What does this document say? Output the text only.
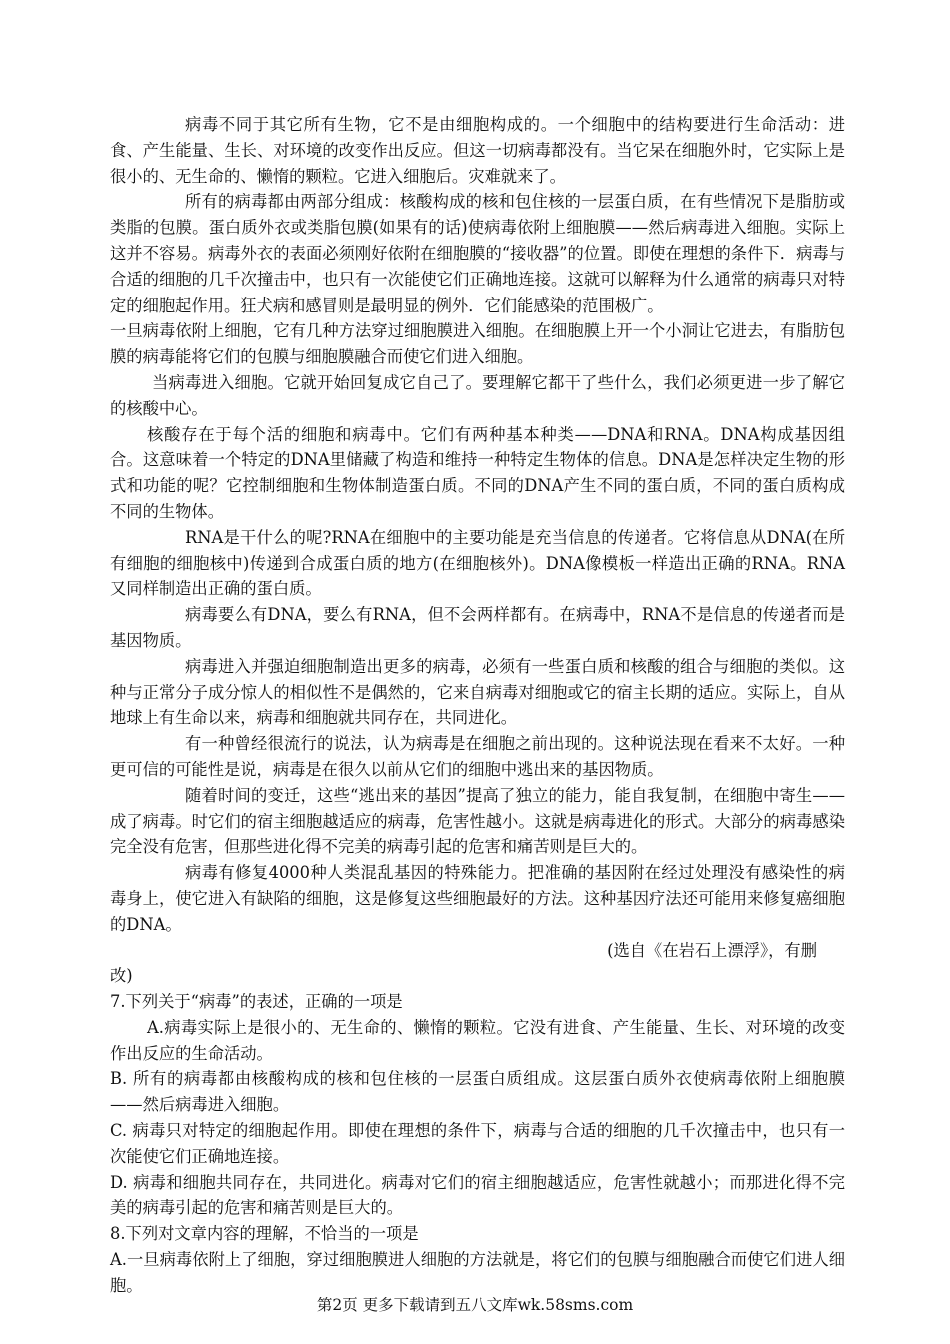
病毒不同于其它所有生物，它不是由细胞构成的。一个细胞中的结构要进行生命活动：进食、产生能量、生长、对环境的改变作出反应。但这一切病毒都没有。当它呆在细胞外时，它实际上是很小的、无生命的、懒惰的颗粒。它进入细胞后。灾难就来了。

所有的病毒都由两部分组成：核酸构成的核和包住核的一层蛋白质，在有些情况下是脂肪或类脂的包膜。蛋白质外衣或类脂包膜(如果有的话)使病毒依附上细胞膜——然后病毒进入细胞。实际上这并不容易。病毒外衣的表面必须刚好依附在细胞膜的“接收器”的位置。即使在理想的条件下．病毒与合适的细胞的几千次撞击中，也只有一次能使它们正确地连接。这就可以解释为什么通常的病毒只对特定的细胞起作用。狂犬病和感冒则是最明显的例外．它们能感染的范围极广。

一旦病毒依附上细胞，它有几种方法穿过细胞膜进入细胞。在细胞膜上开一个小洞让它进去，有脂肪包膜的病毒能将它们的包膜与细胞膜融合而使它们进入细胞。

当病毒进入细胞。它就开始回复成它自己了。要理解它都干了些什么，我们必须更进一步了解它的核酸中心。

核酸存在于每个活的细胞和病毒中。它们有两种基本种类——DNA和RNA。DNA构成基因组合。这意味着一个特定的DNA里储藏了构造和维持一种特定生物体的信息。DNA是怎样决定生物的形式和功能的呢？它控制细胞和生物体制造蛋白质。不同的DNA产生不同的蛋白质，不同的蛋白质构成不同的生物体。

RNA是干什么的呢?RNA在细胞中的主要功能是充当信息的传递者。它将信息从DNA(在所有细胞的细胞核中)传递到合成蛋白质的地方(在细胞核外)。DNA像模板一样造出正确的RNA。RNA又同样制造出正确的蛋白质。

病毒要么有DNA，要么有RNA，但不会两样都有。在病毒中，RNA不是信息的传递者而是基因物质。

病毒进入并强迫细胞制造出更多的病毒，必须有一些蛋白质和核酸的组合与细胞的类似。这种与正常分子成分惊人的相似性不是偶然的，它来自病毒对细胞或它的宿主长期的适应。实际上，自从地球上有生命以来，病毒和细胞就共同存在，共同进化。

有一种曾经很流行的说法，认为病毒是在细胞之前出现的。这种说法现在看来不太好。一种更可信的可能性是说，病毒是在很久以前从它们的细胞中逃出来的基因物质。

随着时间的变迁，这些“逃出来的基因”提高了独立的能力，能自我复制，在细胞中寄生——成了病毒。时它们的宿主细胞越适应的病毒，危害性越小。这就是病毒进化的形式。大部分的病毒感染完全没有危害，但那些进化得不完美的病毒引起的危害和痛苦则是巨大的。

病毒有修复4000种人类混乱基因的特殊能力。把准确的基因附在经过处理没有感染性的病毒身上，使它进入有缺陷的细胞，这是修复这些细胞最好的方法。这种基因疗法还可能用来修复癌细胞的DNA。

(选自《在岩石上漂浮》，有删

改)

7.下列关于“病毒”的表述，正确的一项是

A.病毒实际上是很小的、无生命的、懒惰的颗粒。它没有进食、产生能量、生长、对环境的改变作出反应的生命活动。

B. 所有的病毒都由核酸构成的核和包住核的一层蛋白质组成。这层蛋白质外衣使病毒依附上细胞膜——然后病毒进入细胞。

C. 病毒只对特定的细胞起作用。即使在理想的条件下，病毒与合适的细胞的几千次撞击中，也只有一次能使它们正确地连接。

D. 病毒和细胞共同存在，共同进化。病毒对它们的宿主细胞越适应，危害性就越小；而那进化得不完美的病毒引起的危害和痛苦则是巨大的。

8.下列对文章内容的理解，不恰当的一项是

A.一旦病毒依附上了细胞，穿过细胞膜进人细胞的方法就是，将它们的包膜与细胞融合而使它们进人细胞。

第2页 更多下载请到五八文库wk.58sms.com
